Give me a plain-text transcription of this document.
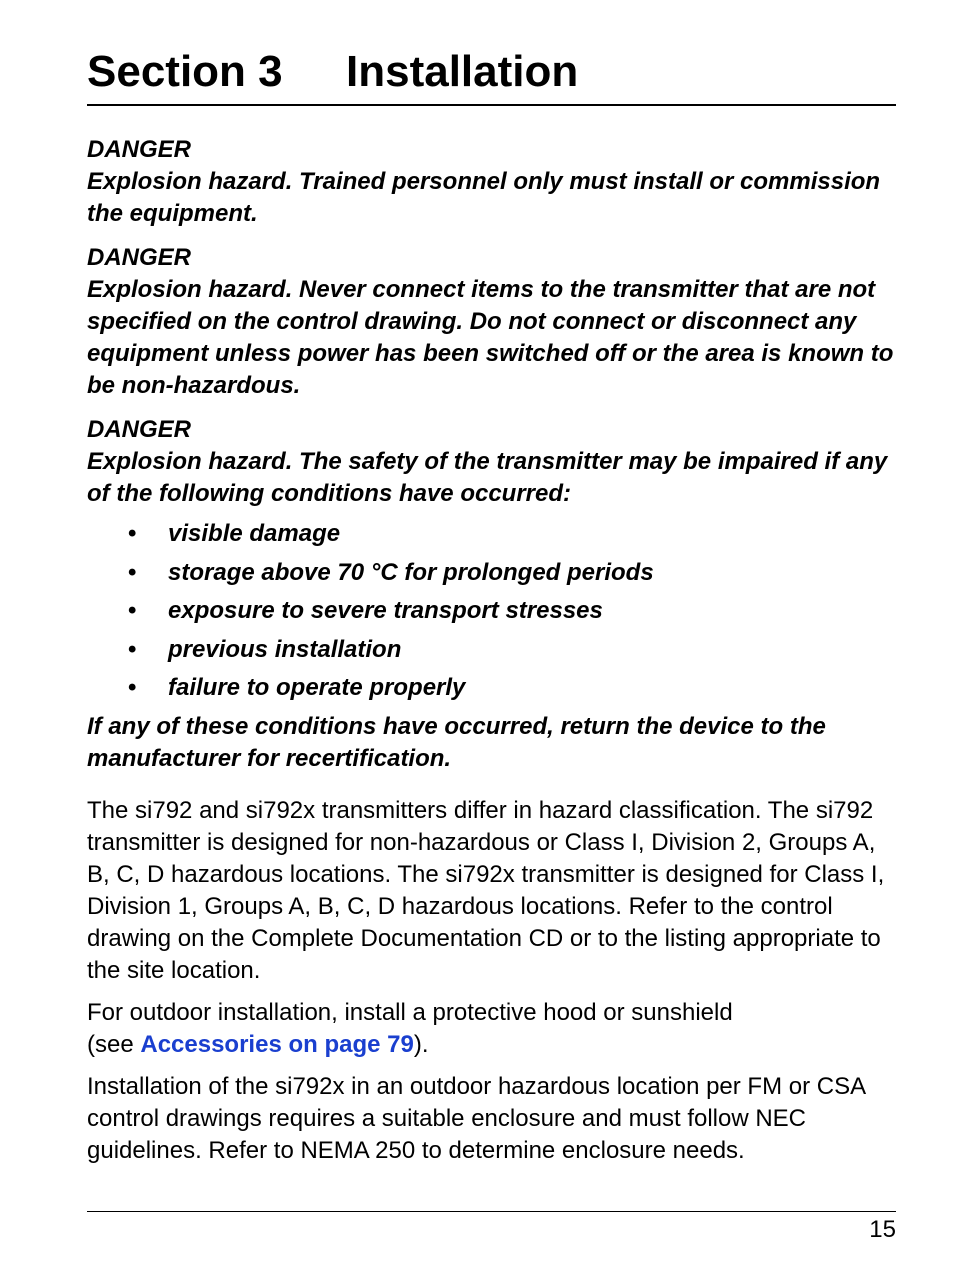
Section 3 Installation

DANGER

Explosion hazard. Trained personnel only must install or commission the equipment.

DANGER

Explosion hazard. Never connect items to the transmitter that are not specified on the control drawing. Do not connect or disconnect any equipment unless power has been switched off or the area is known to be non-hazardous.

DANGER

Explosion hazard. The safety of the transmitter may be impaired if any of the following conditions have occurred:

• visible damage
• storage above 70 °C for prolonged periods
• exposure to severe transport stresses
• previous installation
• failure to operate properly

If any of these conditions have occurred, return the device to the manufacturer for recertification.

The si792 and si792x transmitters differ in hazard classification. The si792 transmitter is designed for non-hazardous or Class I, Division 2, Groups A, B, C, D hazardous locations. The si792x transmitter is designed for Class I, Division 1, Groups A, B, C, D hazardous locations. Refer to the control drawing on the Complete Documentation CD or to the listing appropriate to the site location.

For outdoor installation, install a protective hood or sunshield
(see Accessories on page 79).

Installation of the si792x in an outdoor hazardous location per FM or CSA control drawings requires a suitable enclosure and must follow NEC guidelines. Refer to NEMA 250 to determine enclosure needs.

15
